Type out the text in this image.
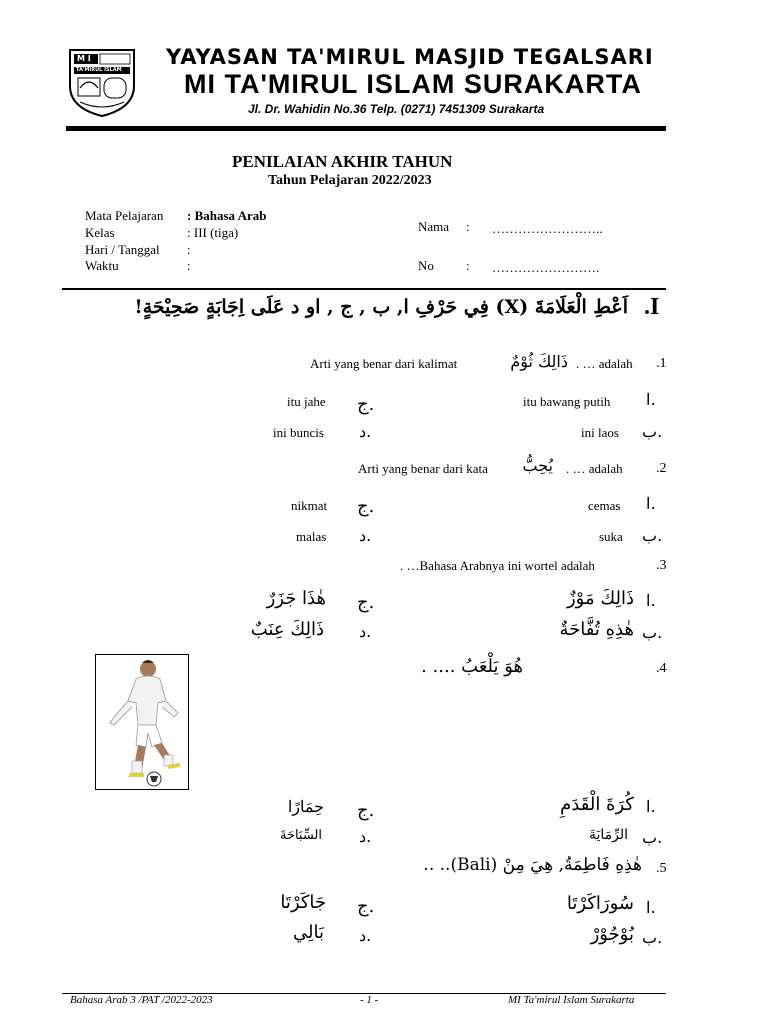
M I
TA'MIRUL ISLAM
YAYASAN TA'MIRUL MASJID TEGALSARI
MI TA'MIRUL ISLAM SURAKARTA
Jl. Dr. Wahidin No.36 Telp. (0271) 7451309 Surakarta
PENILAIAN AKHIR TAHUN
Tahun Pelajaran 2022/2023
Mata Pelajaran : Bahasa Arab
Kelas	: III (tiga)
Hari / Tanggal :
Waktu	:
Nama : ……………………..
No : …………………….
.I
اَعْطِ الْعَلَامَةَ (X) فِي حَرْفِ ا, ب , ج , او د عَلَى اِجَابَةٍ صَحِيْحَةٍ!
.1
. … adalah
ذَالِكَ ثُوْمٌ
Arti yang benar dari kalimat
.ا
itu bawang putih
.ب
ini laos
.ج
itu jahe
.د
ini buncis
.2
. … adalah
يُحِبُّ
Arti yang benar dari kata
.ا
cemas
.ب
suka
.ج
nikmat
.د
malas
.3
. …Bahasa Arabnya ini wortel adalah
.ا
ذَالِكَ مَوْزٌ
.ب
هٰذِهِ تُفَّاحَةٌ
.ج
هٰذَا جَزَرٌ
.د
ذَالِكَ عِنَبٌ
.4
هُوَ يَلْعَبُ .... .
.ا
كُرَةَ الْقَدَمِ
.ب
الرِّمَايَةَ
.ج
حِمَارًا
.د
السِّبَاحَةَ
.5
هٰذِهِ فَاطِمَةُ, هِيَ مِنْ (Bali).. ..
.ا
سُورَاكَرْتَا
.ب
بُوْجُوْرْ
.ج
جَاكَرْتَا
.د
بَالِي
Bahasa Arab 3 /PAT /2022-2023	- 1 -	MI Ta'mirul Islam Surakarta
